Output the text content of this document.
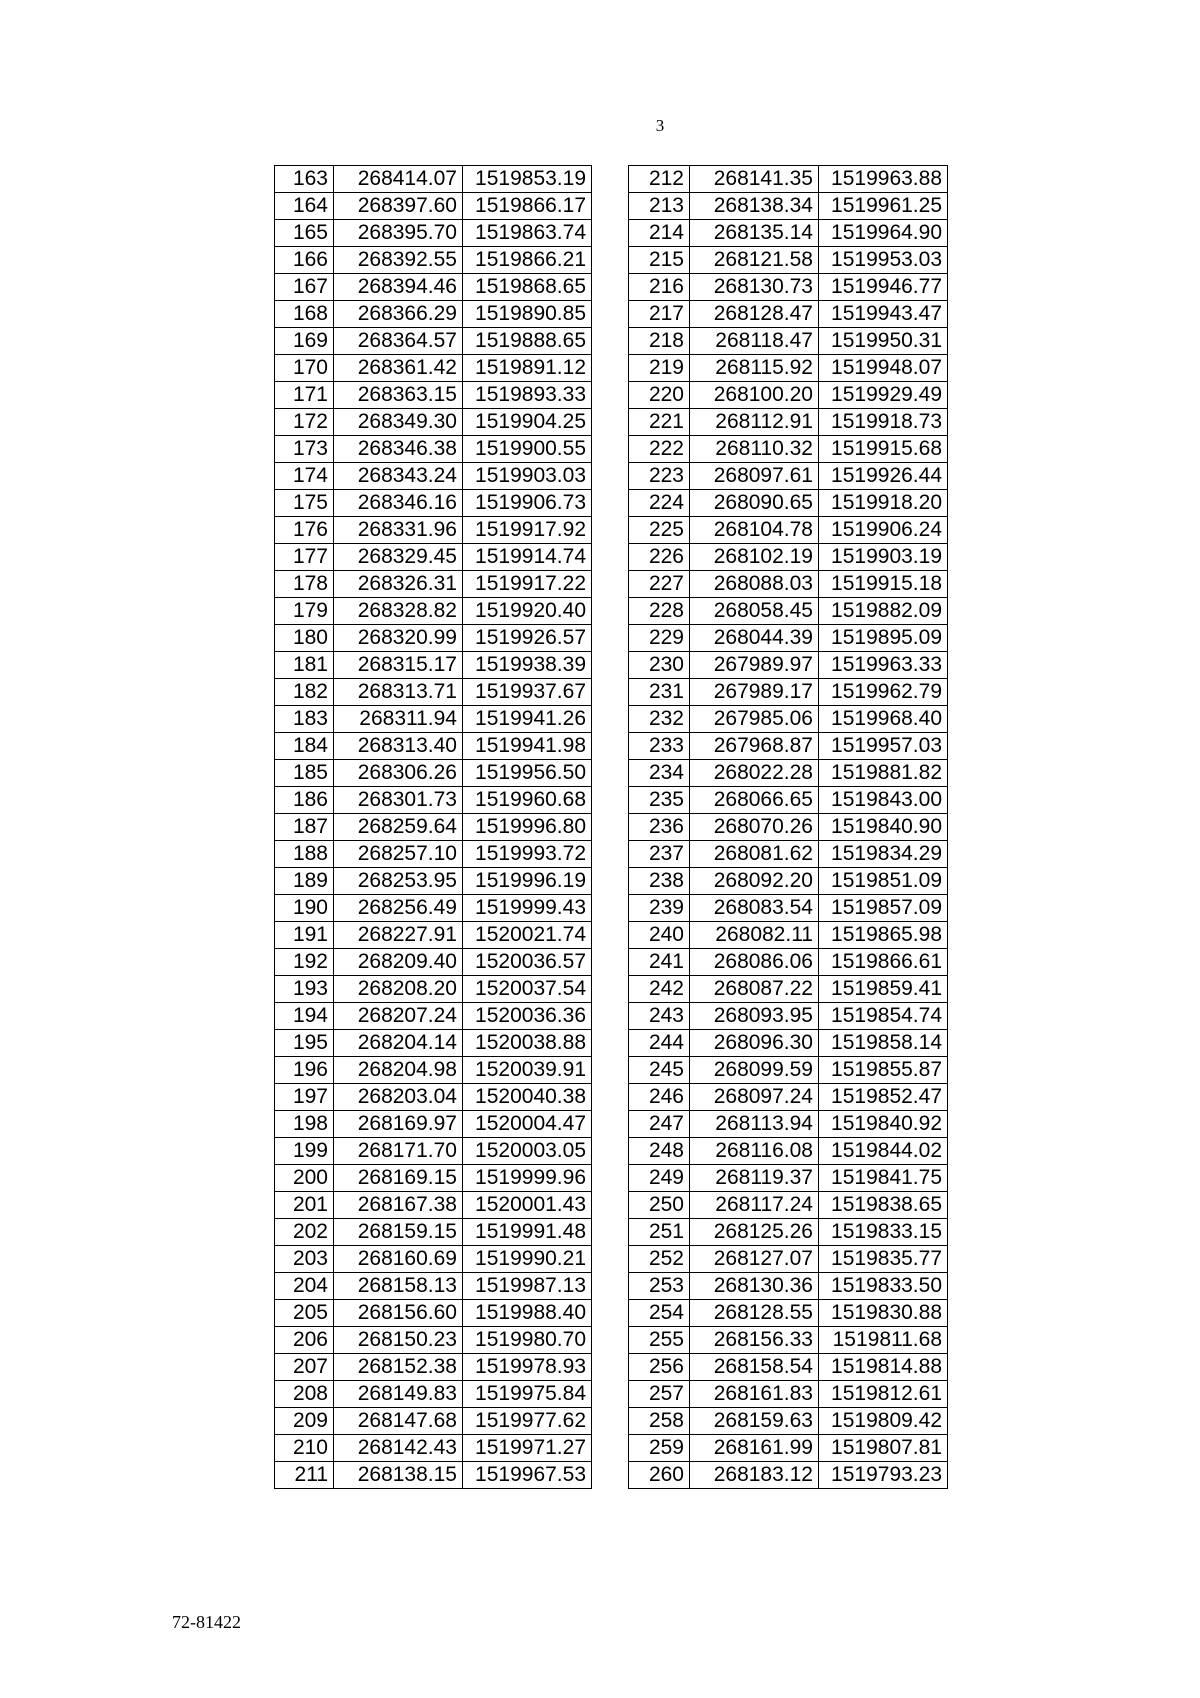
3
163	268414.07	1519853.19
164	268397.60	1519866.17
165	268395.70	1519863.74
166	268392.55	1519866.21
167	268394.46	1519868.65
168	268366.29	1519890.85
169	268364.57	1519888.65
170	268361.42	1519891.12
171	268363.15	1519893.33
172	268349.30	1519904.25
173	268346.38	1519900.55
174	268343.24	1519903.03
175	268346.16	1519906.73
176	268331.96	1519917.92
177	268329.45	1519914.74
178	268326.31	1519917.22
179	268328.82	1519920.40
180	268320.99	1519926.57
181	268315.17	1519938.39
182	268313.71	1519937.67
183	268311.94	1519941.26
184	268313.40	1519941.98
185	268306.26	1519956.50
186	268301.73	1519960.68
187	268259.64	1519996.80
188	268257.10	1519993.72
189	268253.95	1519996.19
190	268256.49	1519999.43
191	268227.91	1520021.74
192	268209.40	1520036.57
193	268208.20	1520037.54
194	268207.24	1520036.36
195	268204.14	1520038.88
196	268204.98	1520039.91
197	268203.04	1520040.38
198	268169.97	1520004.47
199	268171.70	1520003.05
200	268169.15	1519999.96
201	268167.38	1520001.43
202	268159.15	1519991.48
203	268160.69	1519990.21
204	268158.13	1519987.13
205	268156.60	1519988.40
206	268150.23	1519980.70
207	268152.38	1519978.93
208	268149.83	1519975.84
209	268147.68	1519977.62
210	268142.43	1519971.27
211	268138.15	1519967.53
212	268141.35	1519963.88
213	268138.34	1519961.25
214	268135.14	1519964.90
215	268121.58	1519953.03
216	268130.73	1519946.77
217	268128.47	1519943.47
218	268118.47	1519950.31
219	268115.92	1519948.07
220	268100.20	1519929.49
221	268112.91	1519918.73
222	268110.32	1519915.68
223	268097.61	1519926.44
224	268090.65	1519918.20
225	268104.78	1519906.24
226	268102.19	1519903.19
227	268088.03	1519915.18
228	268058.45	1519882.09
229	268044.39	1519895.09
230	267989.97	1519963.33
231	267989.17	1519962.79
232	267985.06	1519968.40
233	267968.87	1519957.03
234	268022.28	1519881.82
235	268066.65	1519843.00
236	268070.26	1519840.90
237	268081.62	1519834.29
238	268092.20	1519851.09
239	268083.54	1519857.09
240	268082.11	1519865.98
241	268086.06	1519866.61
242	268087.22	1519859.41
243	268093.95	1519854.74
244	268096.30	1519858.14
245	268099.59	1519855.87
246	268097.24	1519852.47
247	268113.94	1519840.92
248	268116.08	1519844.02
249	268119.37	1519841.75
250	268117.24	1519838.65
251	268125.26	1519833.15
252	268127.07	1519835.77
253	268130.36	1519833.50
254	268128.55	1519830.88
255	268156.33	1519811.68
256	268158.54	1519814.88
257	268161.83	1519812.61
258	268159.63	1519809.42
259	268161.99	1519807.81
260	268183.12	1519793.23
72-81422
